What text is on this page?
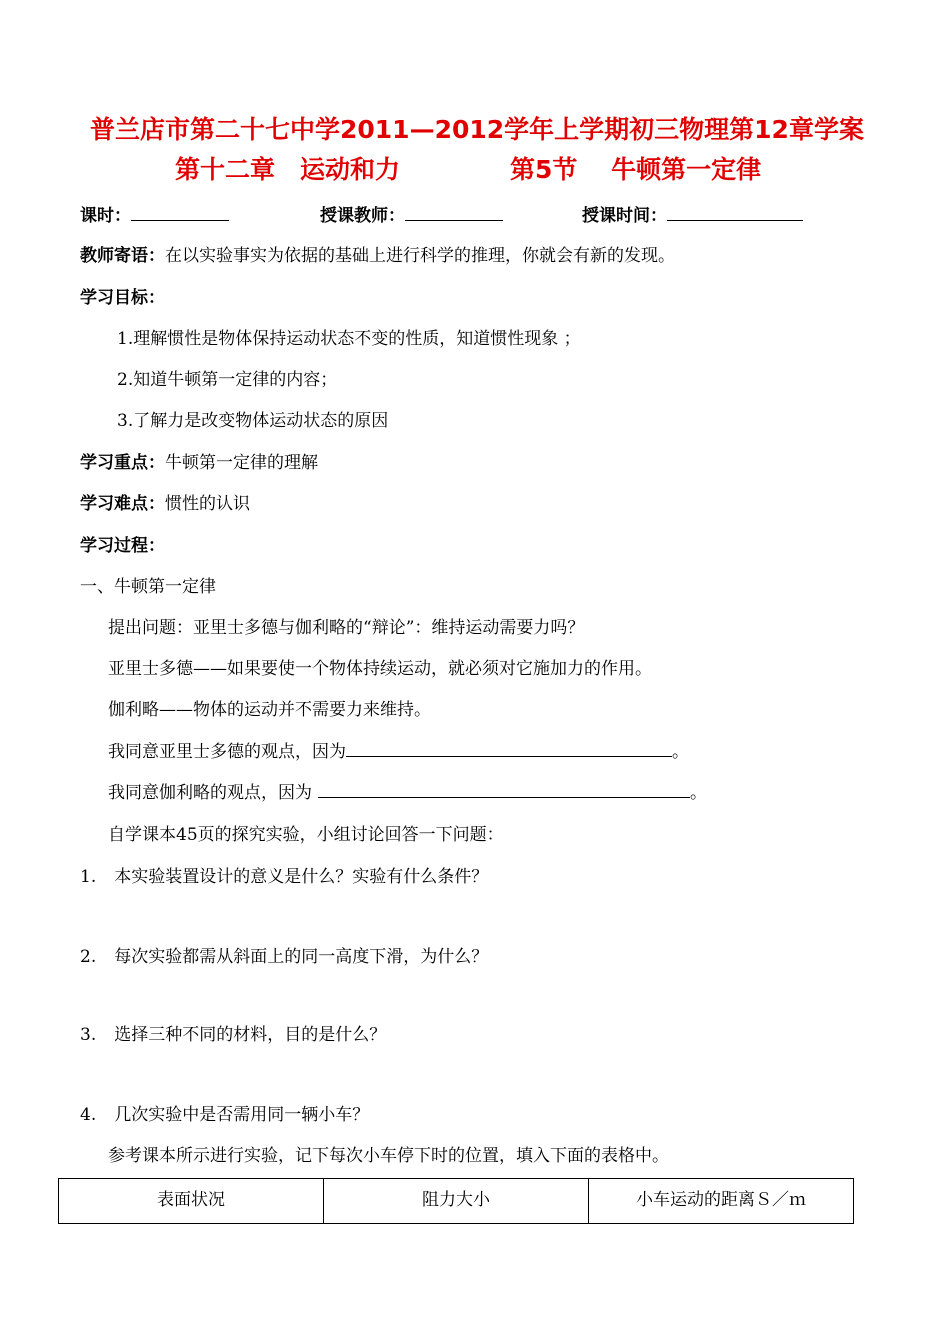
普兰店市第二十七中学2011—2012学年上学期初三物理第12章学案
第十二章　运动和力	第5节　 牛顿第一定律
课时：	授课教师：	授课时间：
教师寄语：在以实验事实为依据的基础上进行科学的推理，你就会有新的发现。
学习目标：
1.理解惯性是物体保持运动状态不变的性质，知道惯性现象 ；
2.知道牛顿第一定律的内容；
3.了解力是改变物体运动状态的原因
学习重点：牛顿第一定律的理解
学习难点：惯性的认识
学习过程：
一、牛顿第一定律
提出问题：亚里士多德与伽利略的“辩论”：维持运动需要力吗？
亚里士多德——如果要使一个物体持续运动，就必须对它施加力的作用。
伽利略——物体的运动并不需要力来维持。
我同意亚里士多德的观点，因为	。
我同意伽利略的观点，因为	。
自学课本45页的探究实验，小组讨论回答一下问题：
1. 本实验装置设计的意义是什么？实验有什么条件？
2. 每次实验都需从斜面上的同一高度下滑，为什么？
3. 选择三种不同的材料，目的是什么？
4. 几次实验中是否需用同一辆小车？
参考课本所示进行实验，记下每次小车停下时的位置，填入下面的表格中。
表面状况	阻力大小	小车运动的距离Ｓ／ｍ
